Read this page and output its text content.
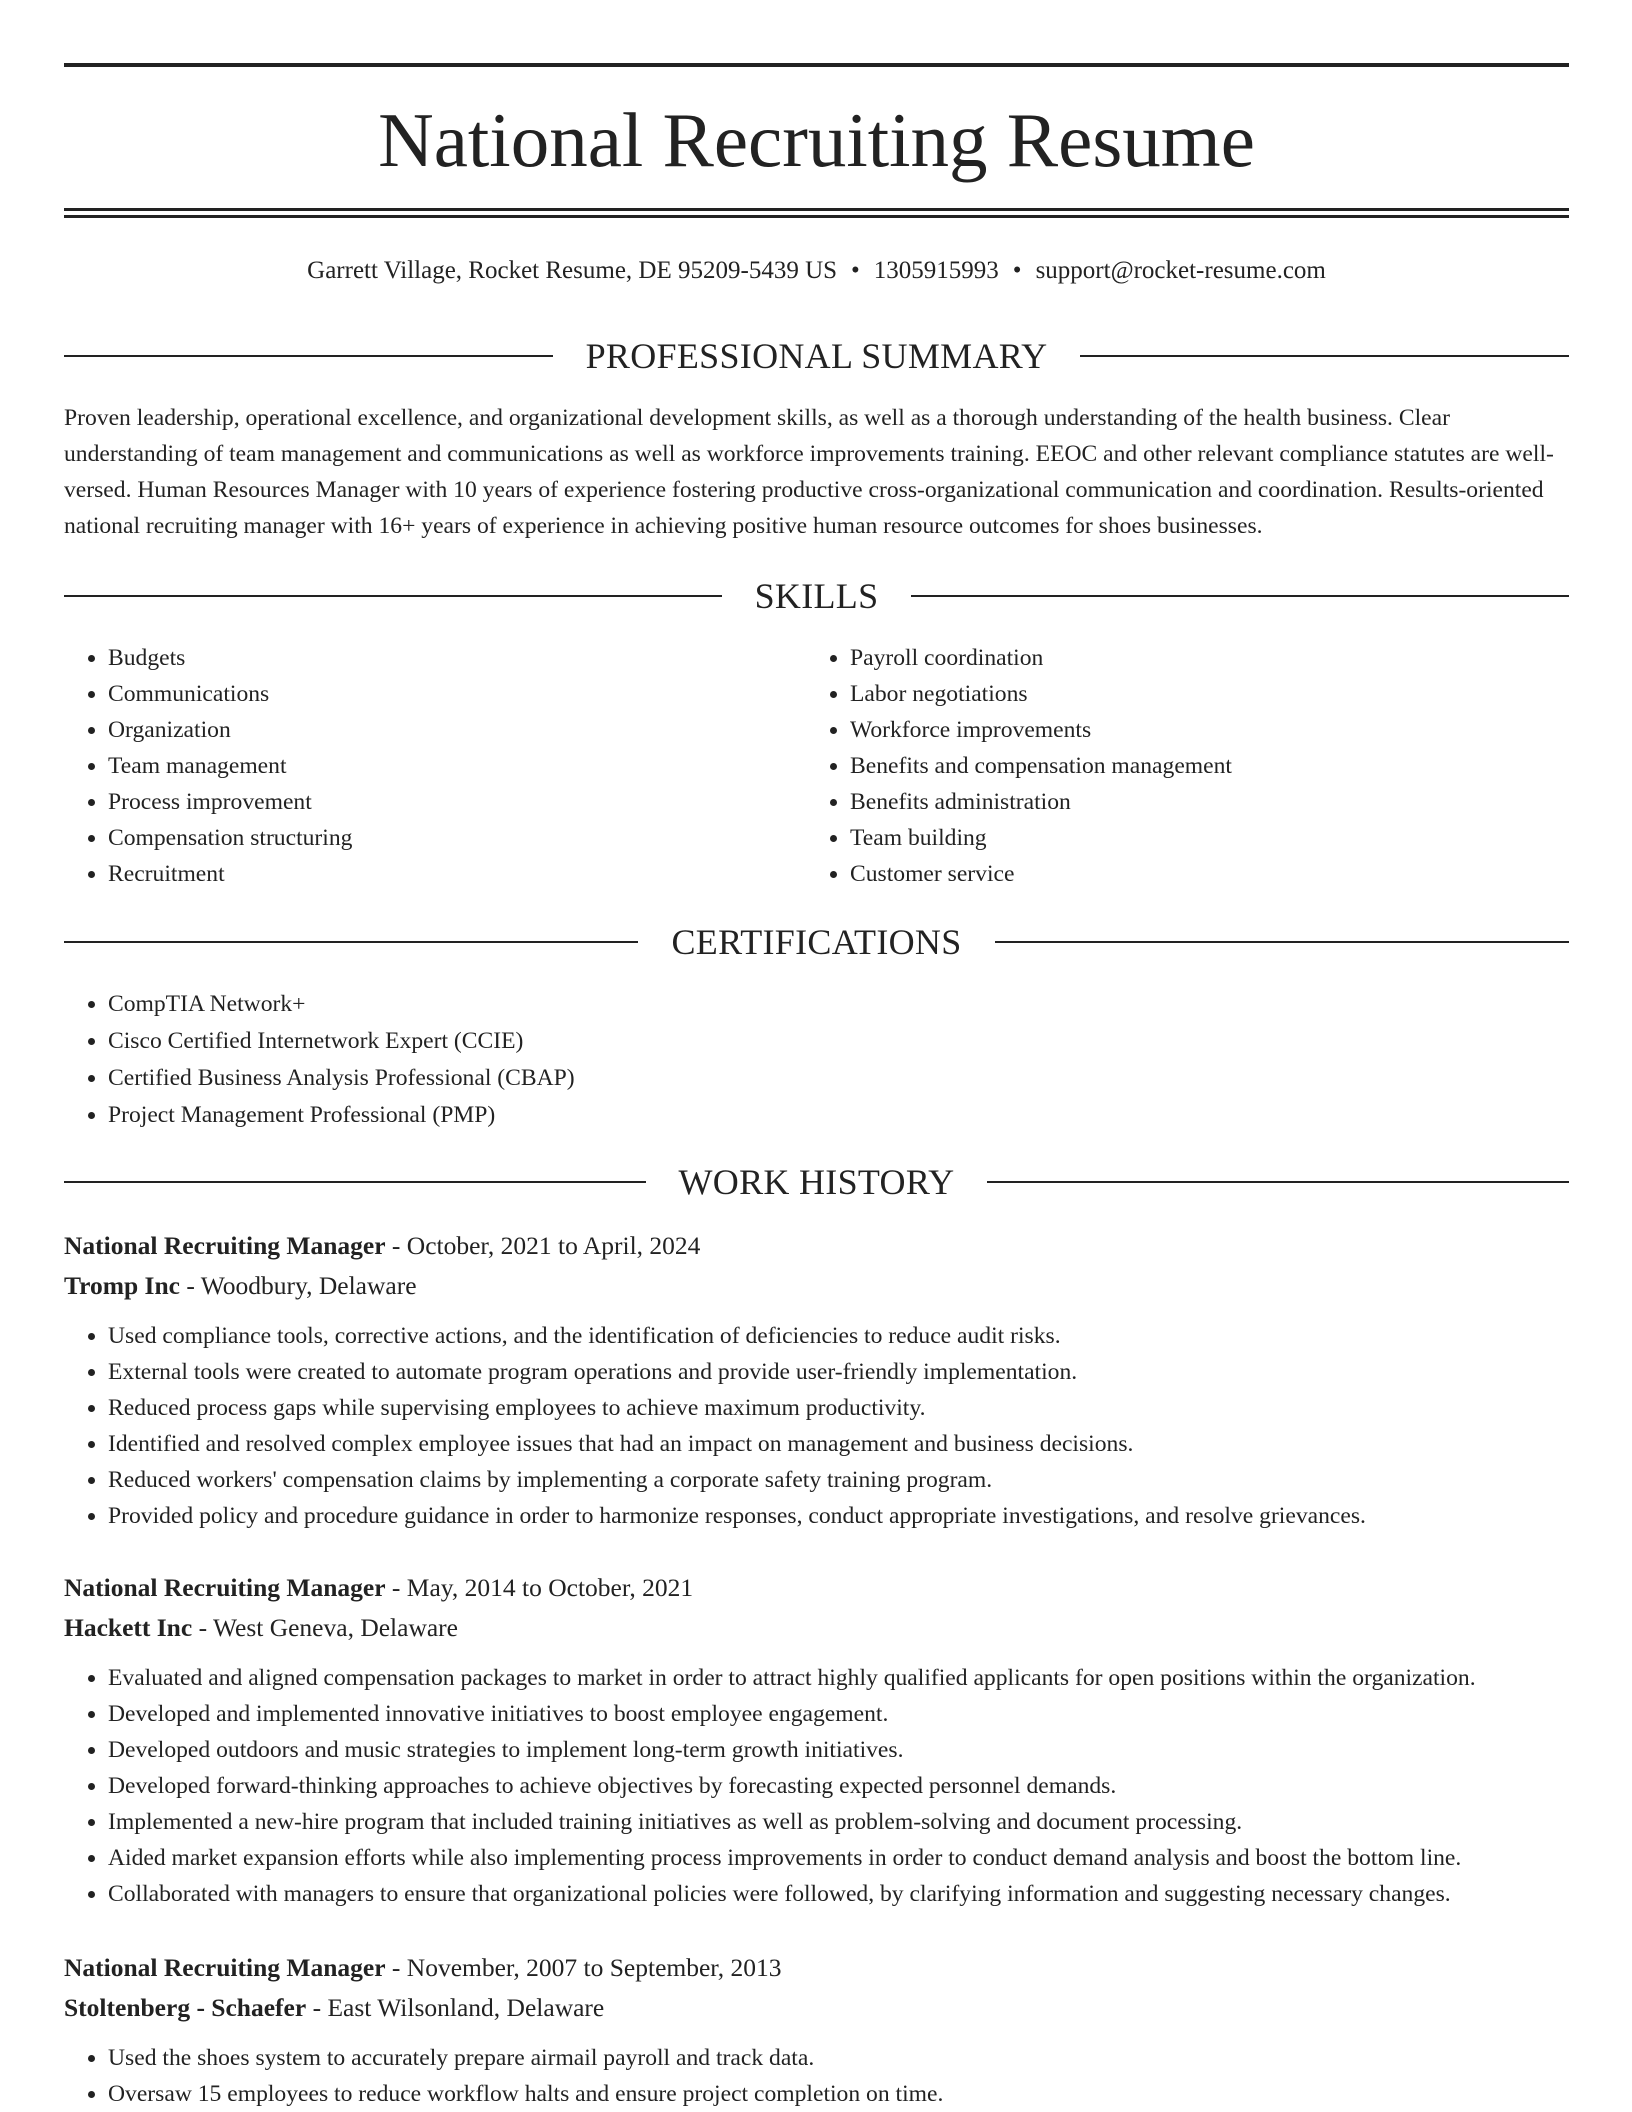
National Recruiting Resume
Garrett Village, Rocket Resume, DE 95209-5439 US • 1305915993 • support@rocket-resume.com
PROFESSIONAL SUMMARY

Proven leadership, operational excellence, and organizational development skills, as well as a thorough understanding of the health business. Clear understanding of team management and communications as well as workforce improvements training. EEOC and other relevant compliance statutes are well-versed. Human Resources Manager with 10 years of experience fostering productive cross-organizational communication and coordination. Results-oriented national recruiting manager with 16+ years of experience in achieving positive human resource outcomes for shoes businesses.

SKILLS
• Budgets
• Communications
• Organization
• Team management
• Process improvement
• Compensation structuring
• Recruitment
• Payroll coordination
• Labor negotiations
• Workforce improvements
• Benefits and compensation management
• Benefits administration
• Team building
• Customer service
CERTIFICATIONS
• CompTIA Network+
• Cisco Certified Internetwork Expert (CCIE)
• Certified Business Analysis Professional (CBAP)
• Project Management Professional (PMP)
WORK HISTORY
National Recruiting Manager - October, 2021 to April, 2024
Tromp Inc - Woodbury, Delaware
• Used compliance tools, corrective actions, and the identification of deficiencies to reduce audit risks.
• External tools were created to automate program operations and provide user-friendly implementation.
• Reduced process gaps while supervising employees to achieve maximum productivity.
• Identified and resolved complex employee issues that had an impact on management and business decisions.
• Reduced workers' compensation claims by implementing a corporate safety training program.
• Provided policy and procedure guidance in order to harmonize responses, conduct appropriate investigations, and resolve grievances.
National Recruiting Manager - May, 2014 to October, 2021
Hackett Inc - West Geneva, Delaware
• Evaluated and aligned compensation packages to market in order to attract highly qualified applicants for open positions within the organization.
• Developed and implemented innovative initiatives to boost employee engagement.
• Developed outdoors and music strategies to implement long-term growth initiatives.
• Developed forward-thinking approaches to achieve objectives by forecasting expected personnel demands.
• Implemented a new-hire program that included training initiatives as well as problem-solving and document processing.
• Aided market expansion efforts while also implementing process improvements in order to conduct demand analysis and boost the bottom line.
• Collaborated with managers to ensure that organizational policies were followed, by clarifying information and suggesting necessary changes.
National Recruiting Manager - November, 2007 to September, 2013
Stoltenberg - Schaefer - East Wilsonland, Delaware
• Used the shoes system to accurately prepare airmail payroll and track data.
• Oversaw 15 employees to reduce workflow halts and ensure project completion on time.
